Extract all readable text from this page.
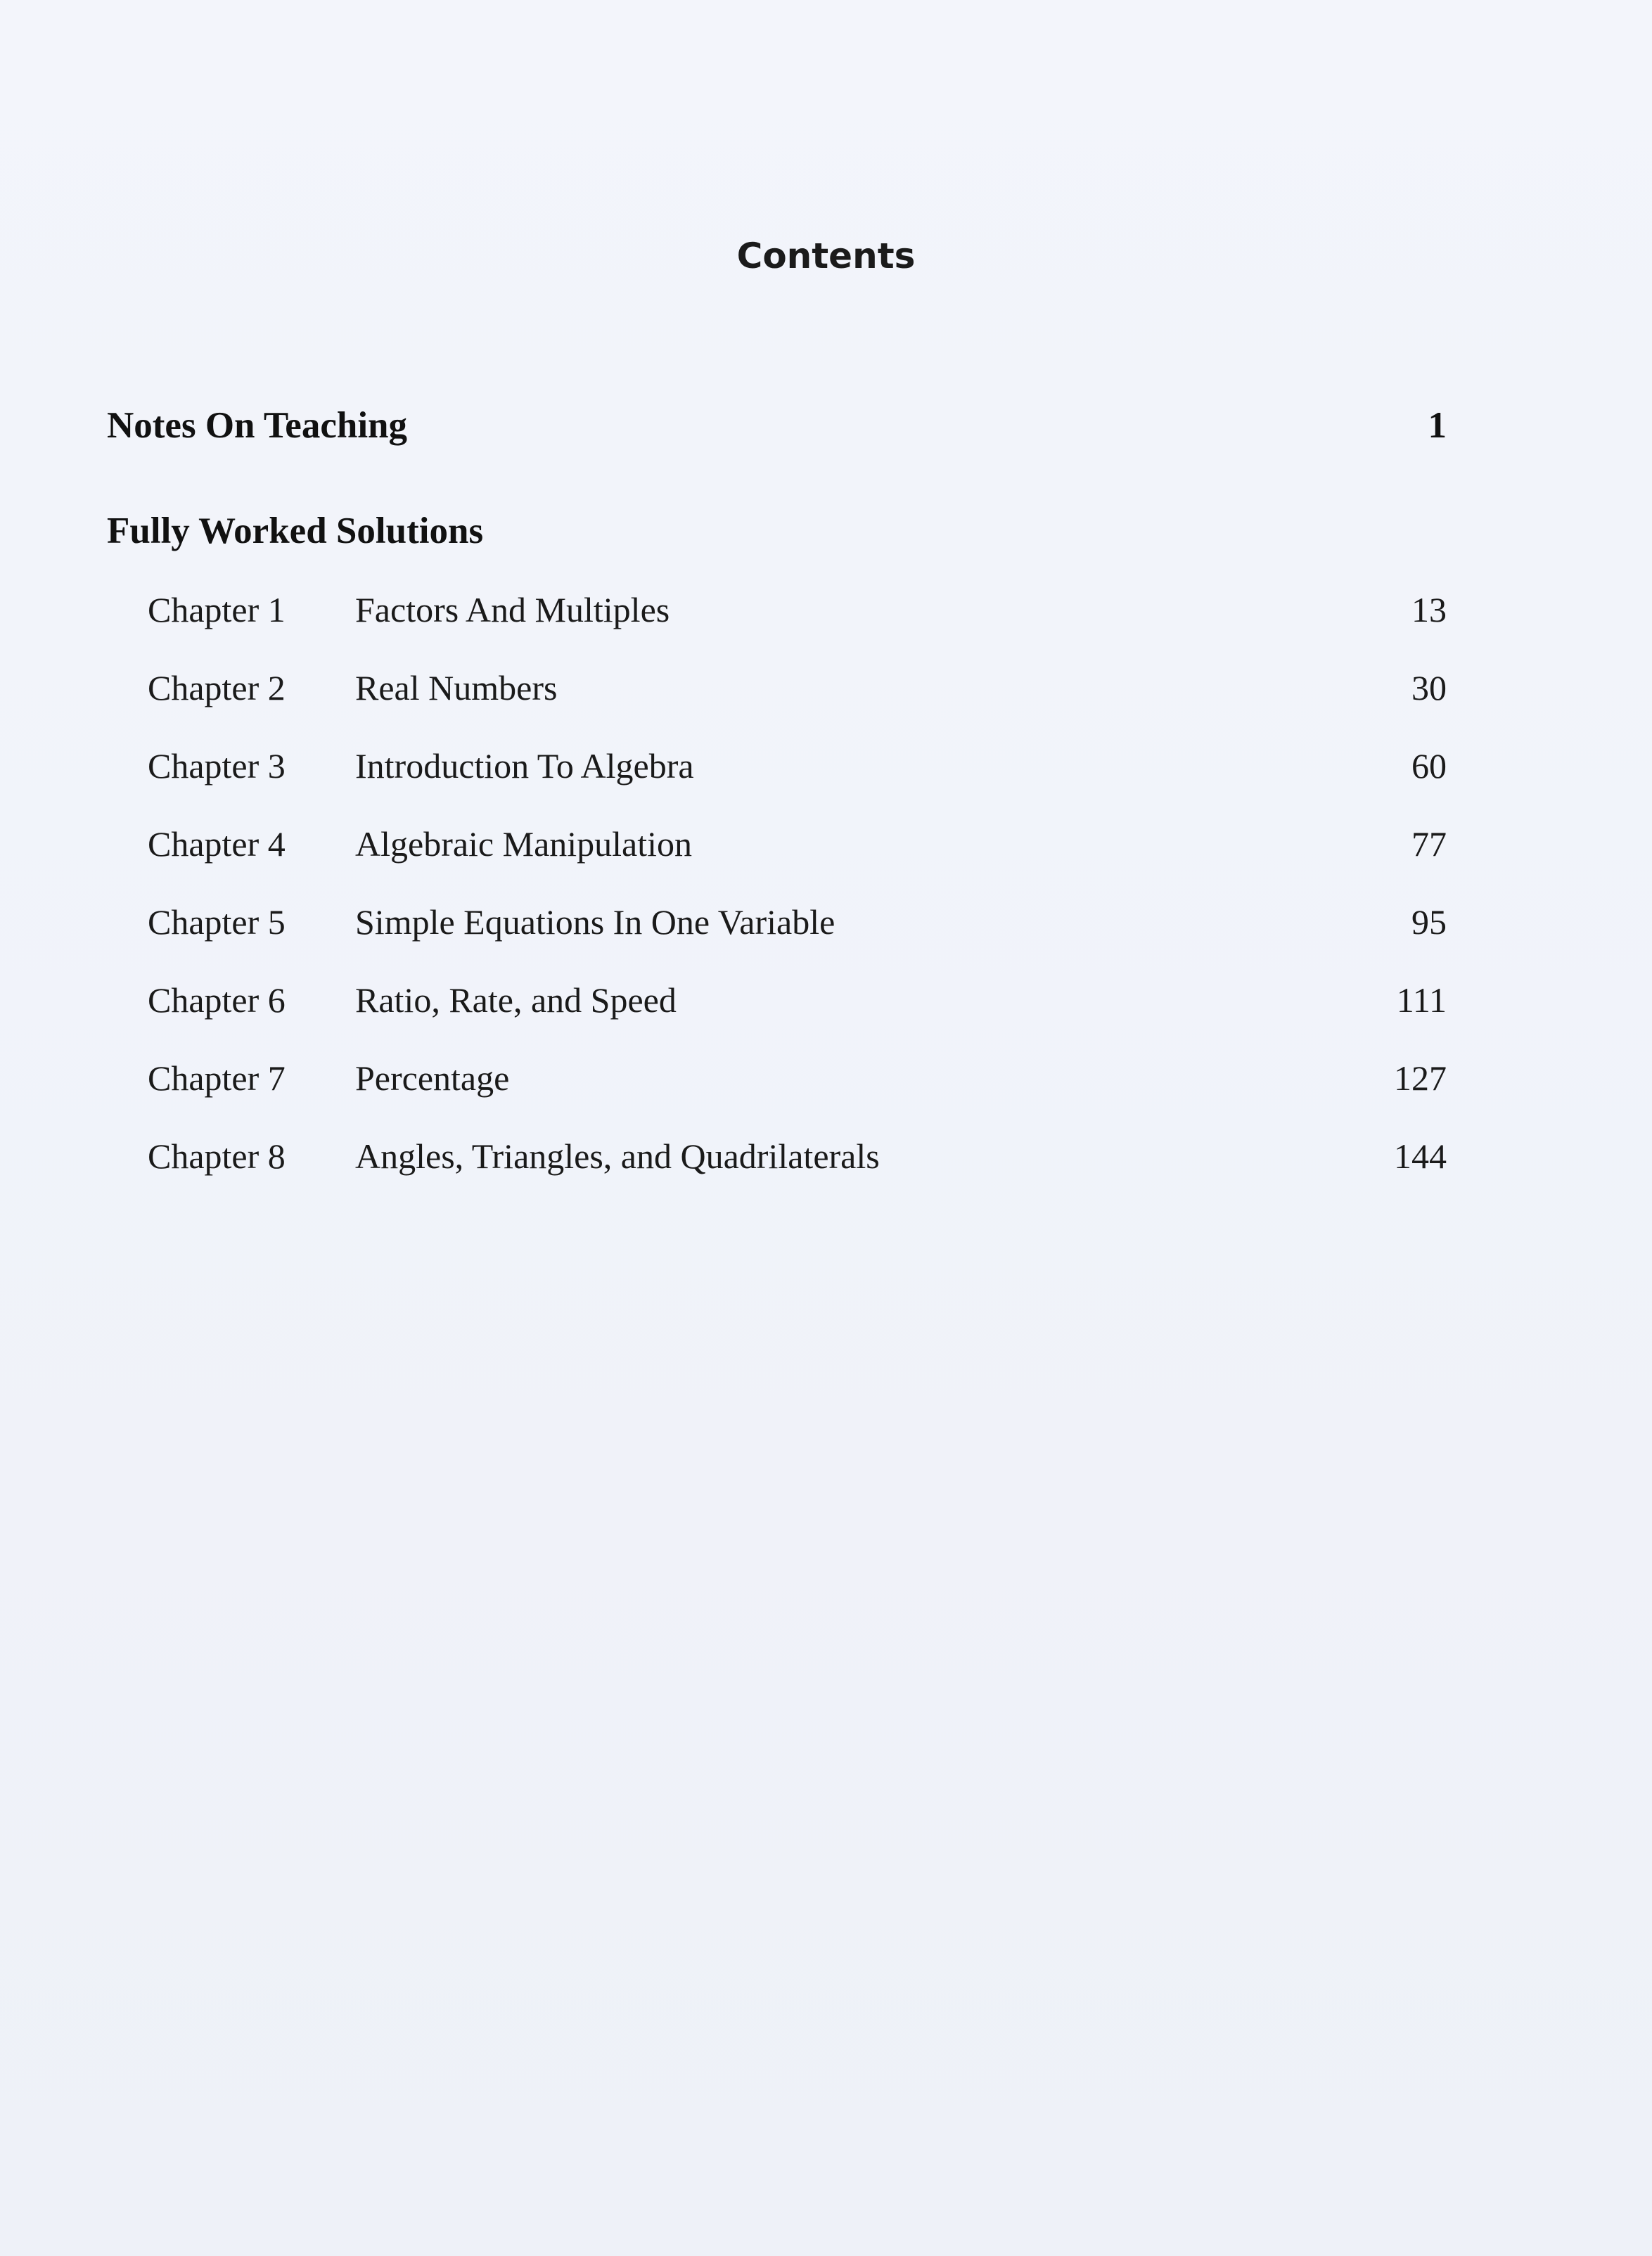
Contents
Notes On Teaching	1
Fully Worked Solutions
Chapter 1 Factors And Multiples	13
Chapter 2 Real Numbers	30
Chapter 3 Introduction To Algebra	60
Chapter 4 Algebraic Manipulation	77
Chapter 5 Simple Equations In One Variable	95
Chapter 6 Ratio, Rate, and Speed	111
Chapter 7 Percentage	127
Chapter 8 Angles, Triangles, and Quadrilaterals	144
